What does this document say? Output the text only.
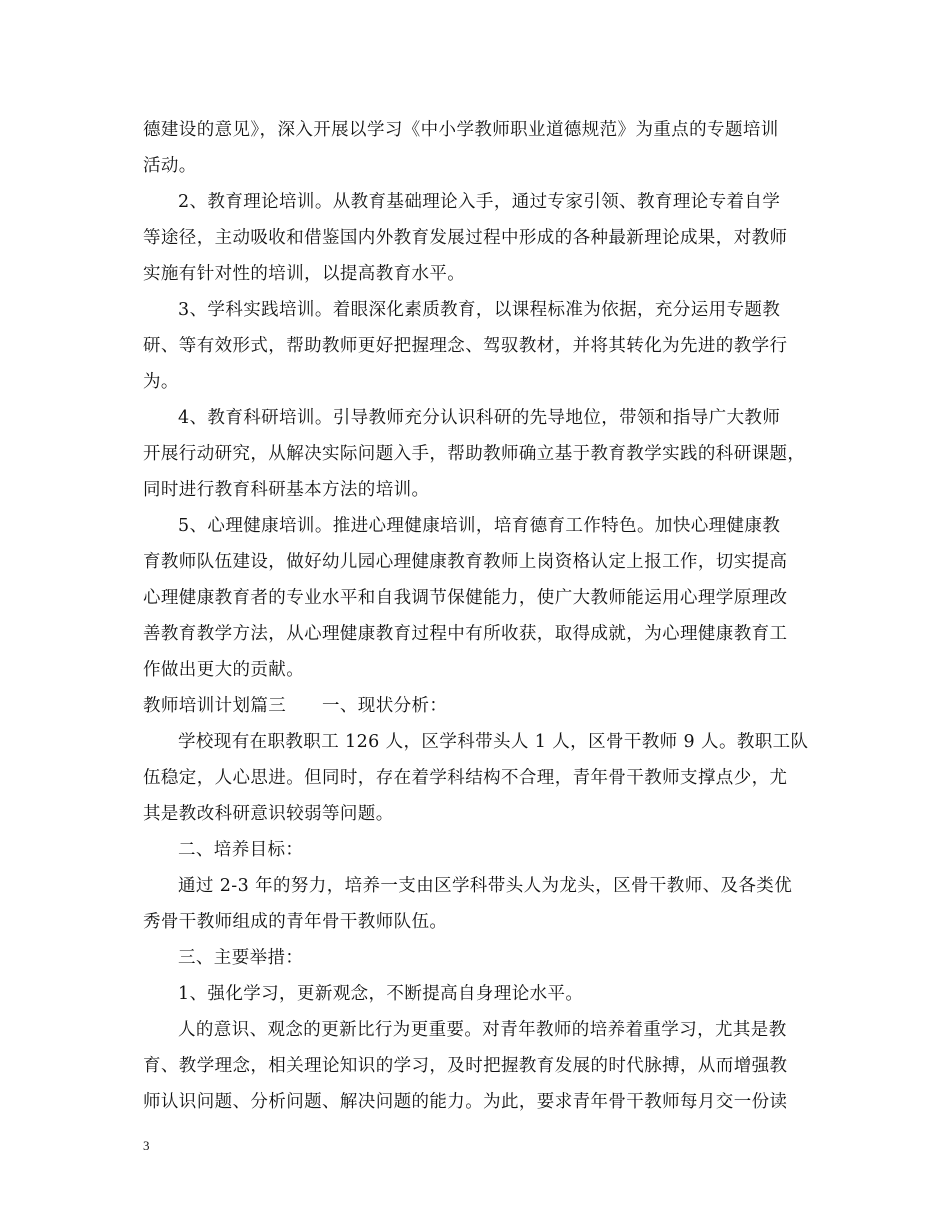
德建设的意见》，深入开展以学习《中小学教师职业道德规范》为重点的专题培训
活动。
2、教育理论培训。从教育基础理论入手，通过专家引领、教育理论专着自学
等途径，主动吸收和借鉴国内外教育发展过程中形成的各种最新理论成果，对教师
实施有针对性的培训，以提高教育水平。
3、学科实践培训。着眼深化素质教育，以课程标准为依据，充分运用专题教
研、等有效形式，帮助教师更好把握理念、驾驭教材，并将其转化为先进的教学行
为。
4、教育科研培训。引导教师充分认识科研的先导地位，带领和指导广大教师
开展行动研究，从解决实际问题入手，帮助教师确立基于教育教学实践的科研课题，
同时进行教育科研基本方法的培训。
5、心理健康培训。推进心理健康培训，培育德育工作特色。加快心理健康教
育教师队伍建设，做好幼儿园心理健康教育教师上岗资格认定上报工作，切实提高
心理健康教育者的专业水平和自我调节保健能力，使广大教师能运用心理学原理改
善教育教学方法，从心理健康教育过程中有所收获，取得成就，为心理健康教育工
作做出更大的贡献。
教师培训计划篇三　　一、现状分析：
学校现有在职教职工 126 人，区学科带头人 1 人，区骨干教师 9 人。教职工队
伍稳定，人心思进。但同时，存在着学科结构不合理，青年骨干教师支撑点少，尤
其是教改科研意识较弱等问题。
二、培养目标：
通过 2-3 年的努力，培养一支由区学科带头人为龙头，区骨干教师、及各类优
秀骨干教师组成的青年骨干教师队伍。
三、主要举措：
1、强化学习，更新观念，不断提高自身理论水平。
人的意识、观念的更新比行为更重要。对青年教师的培养着重学习，尤其是教
育、教学理念，相关理论知识的学习，及时把握教育发展的时代脉搏，从而增强教
师认识问题、分析问题、解决问题的能力。为此，要求青年骨干教师每月交一份读
3
